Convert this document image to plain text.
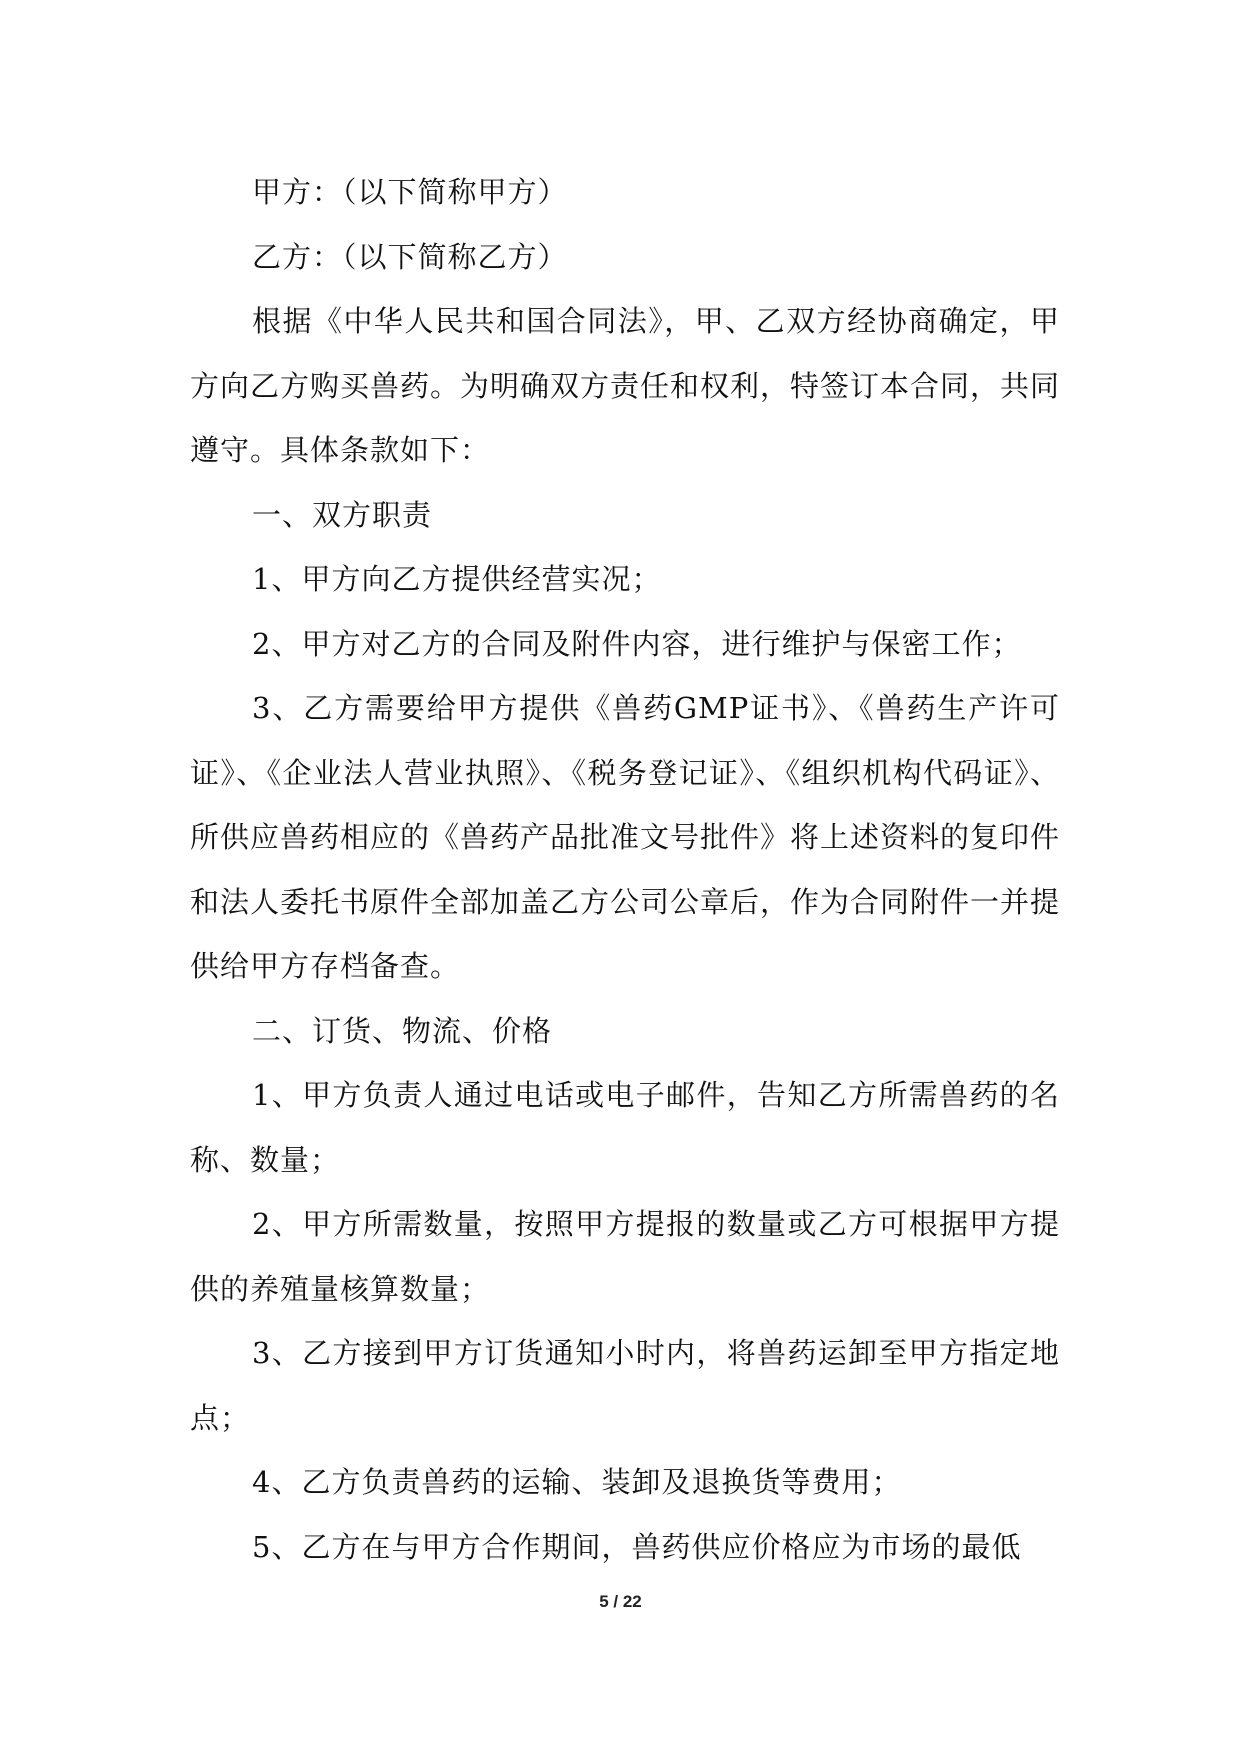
甲方：（以下简称甲方）

乙方：（以下简称乙方）

根据《中华人民共和国合同法》，甲、乙双方经协商确定，甲方向乙方购买兽药。为明确双方责任和权利，特签订本合同，共同遵守。具体条款如下：

一、双方职责

1、甲方向乙方提供经营实况；

2、甲方对乙方的合同及附件内容，进行维护与保密工作；

3、乙方需要给甲方提供《兽药GMP证书》、《兽药生产许可证》、《企业法人营业执照》、《税务登记证》、《组织机构代码证》、所供应兽药相应的《兽药产品批准文号批件》将上述资料的复印件和法人委托书原件全部加盖乙方公司公章后，作为合同附件一并提供给甲方存档备查。

二、订货、物流、价格

1、甲方负责人通过电话或电子邮件，告知乙方所需兽药的名称、数量；

2、甲方所需数量，按照甲方提报的数量或乙方可根据甲方提供的养殖量核算数量；

3、乙方接到甲方订货通知小时内，将兽药运卸至甲方指定地点；

4、乙方负责兽药的运输、装卸及退换货等费用；

5、乙方在与甲方合作期间，兽药供应价格应为市场的最低

5 / 22
